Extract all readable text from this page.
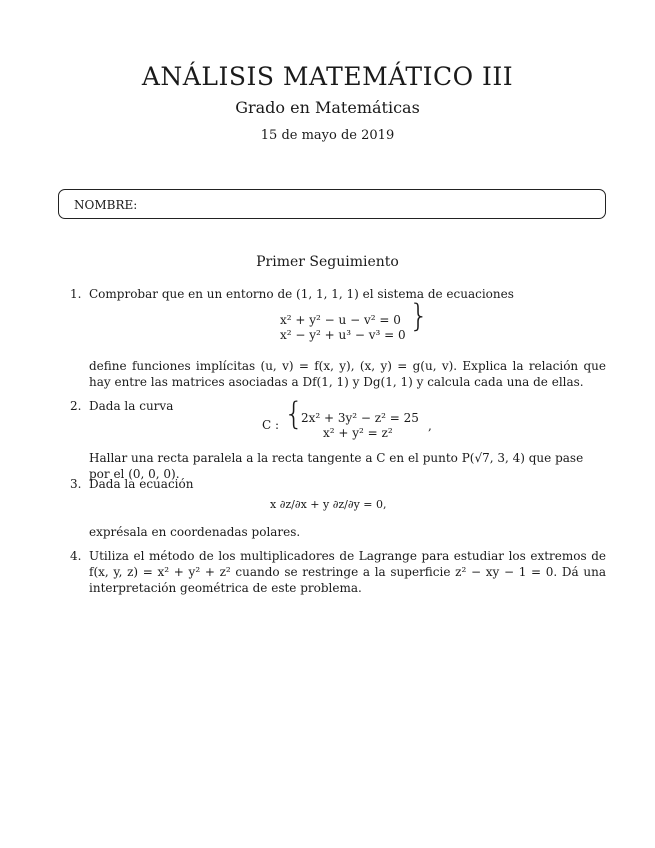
ANÁLISIS MATEMÁTICO III
Grado en Matemáticas
15 de mayo de 2019
NOMBRE:
Primer Seguimiento
1. Comprobar que en un entorno de (1, 1, 1, 1) el sistema de ecuaciones
x² + y² − u − v² = 0
x² − y² + u³ − v³ = 0
}
define funciones implícitas (u, v) = f(x, y), (x, y) = g(u, v). Explica la relación que hay entre las matrices asociadas a Df(1, 1) y Dg(1, 1) y calcula cada una de ellas.
2. Dada la curva
C : {
2x² + 3y² − z² = 25
x² + y² = z²	,
Hallar una recta paralela a la recta tangente a C en el punto P(√7, 3, 4) que pase por el (0, 0, 0).
3. Dada la ecuación
x ∂z/∂x + y ∂z/∂y = 0,
exprésala en coordenadas polares.
4. Utiliza el método de los multiplicadores de Lagrange para estudiar los extremos de f(x, y, z) = x² + y² + z² cuando se restringe a la superficie z² − xy − 1 = 0. Dá una interpretación geométrica de este problema.
